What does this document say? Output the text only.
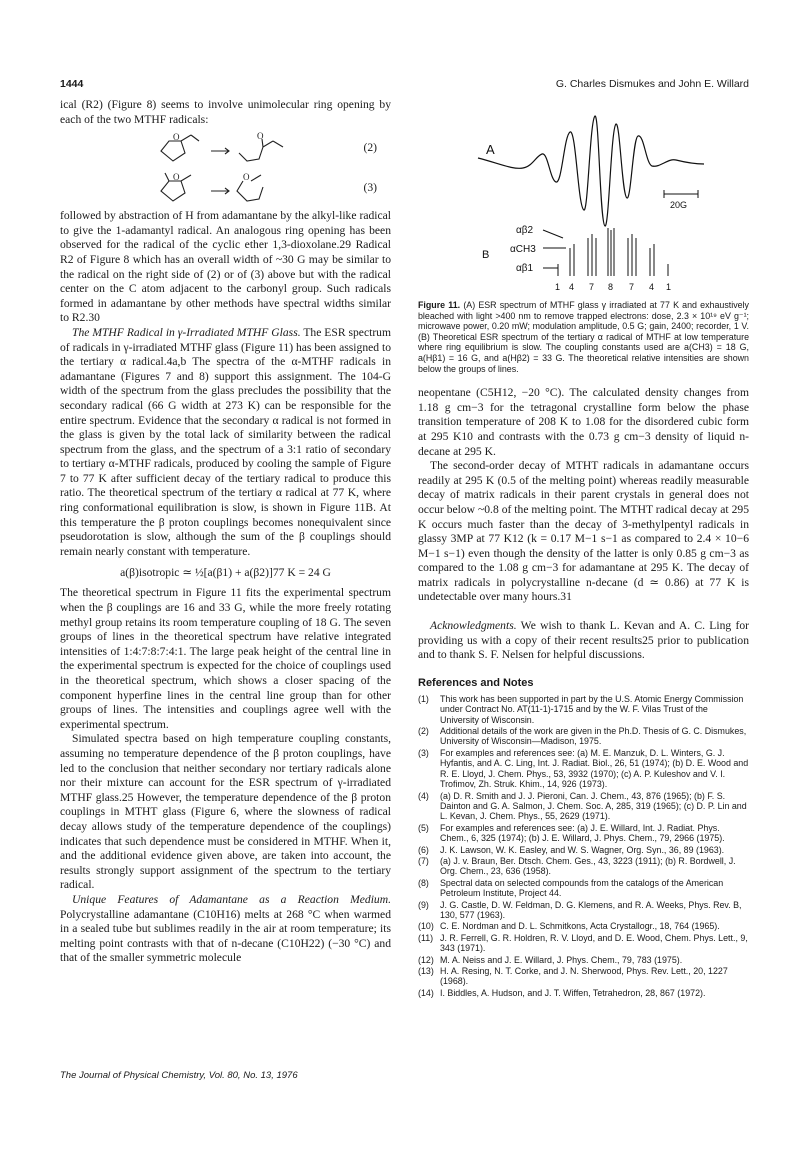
1444	G. Charles Dismukes and John E. Willard

ical (R2) (Figure 8) seems to involve unimolecular ring opening by each of the two MTHF radicals:

O	O
(2)
O	O
(3)

followed by abstraction of H from adamantane by the alkyl-like radical to give the 1-adamantyl radical. An analogous ring opening has been observed for the radical of the cyclic ether 1,3-dioxolane.29 Radical R2 of Figure 8 which has an overall width of ~30 G may be similar to the radical on the right side of (2) or of (3) above but with the radical center on the C atom adjacent to the carbonyl group. Such radicals formed in adamantane by other methods have spectral widths similar to R2.30

The MTHF Radical in γ-Irradiated MTHF Glass. The ESR spectrum of radicals in γ-irradiated MTHF glass (Figure 11) has been assigned to the tertiary α radical.4a,b The spectra of the α-MTHF radicals in adamantane (Figures 7 and 8) support this assignment. The 104-G width of the spectrum from the glass precludes the possibility that the secondary radical (66 G width at 273 K) can be responsible for the entire spectrum. Evidence that the secondary α radical is not formed in the glass is given by the total lack of similarity between the radical spectrum from the glass, and the spectrum of a 3:1 ratio of secondary to tertiary α-MTHF radicals, produced by cooling the sample of Figure 7 to 77 K after sufficient decay of the tertiary radical to produce this ratio. The theoretical spectrum of the tertiary α radical at 77 K, where ring conformational equilibration is slow, is shown in Figure 11B. At this temperature the β proton couplings becomes nonequivalent since pseudorotation is slow, although the sum of the β couplings should remain nearly constant with temperature.

a(β)isotropic ≃ ½[a(β1) + a(β2)]77 K = 24 G

The theoretical spectrum in Figure 11 fits the experimental spectrum when the β couplings are 16 and 33 G, while the more freely rotating methyl group retains its room temperature coupling of 18 G. The seven groups of lines in the theoretical spectrum have relative integrated intensities of 1:4:7:8:7:4:1. The large peak height of the central line in the experimental spectrum is expected for the choice of couplings used in the theoretical spectrum, which shows a closer spacing of the component hyperfine lines in the central line group than for other groups of lines. The intensities and couplings agree well with the experimental spectrum.

Simulated spectra based on high temperature coupling constants, assuming no temperature dependence of the β proton couplings, have led to the conclusion that neither secondary nor tertiary radicals alone nor their mixture can account for the ESR spectrum of γ-irradiated MTHF glass.25 However, the temperature dependence of the β proton couplings in MTHT glass (Figure 6, where the slowness of radical decay allows study of the temperature dependence of the couplings) indicates that such dependence must be considered in MTHF. When it, and the additional evidence given above, are taken into account, the results strongly support assignment of the spectrum to the tertiary radical.

Unique Features of Adamantane as a Reaction Medium. Polycrystalline adamantane (C10H16) melts at 268 °C when warmed in a sealed tube but sublimes readily in the air at room temperature; its melting point contrasts with that of n-decane (C10H22) (−30 °C) and that of the smaller symmetric molecule

A
20G
B
αβ2
αCH3
αβ1
1 4 7 8 7 4 1
Figure 11. (A) ESR spectrum of MTHF glass γ irradiated at 77 K and exhaustively bleached with light >400 nm to remove trapped electrons: dose, 2.3 × 10¹⁹ eV g⁻¹; microwave power, 0.20 mW; modulation amplitude, 0.5 G; gain, 2400; recorder, 1 V. (B) Theoretical ESR spectrum of the tertiary α radical of MTHF at low temperature where ring equilibrium is slow. The coupling constants used are a(CH3) = 18 G, a(Hβ1) = 16 G, and a(Hβ2) = 33 G. The theoretical relative intensities are shown below the groups of lines.

neopentane (C5H12, −20 °C). The calculated density changes from 1.18 g cm−3 for the tetragonal crystalline form below the phase transition temperature of 208 K to 1.08 for the disordered cubic form at 295 K10 and contrasts with the 0.73 g cm−3 density of liquid n-decane at 295 K.

The second-order decay of MTHT radicals in adamantane occurs readily at 295 K (0.5 of the melting point) whereas readily measurable decay of matrix radicals in their parent crystals in general does not occur below ~0.8 of the melting point. The MTHT radical decay at 295 K occurs much faster than the decay of 3-methylpentyl radicals in glassy 3MP at 77 K12 (k = 0.17 M−1 s−1 as compared to 2.4 × 10−6 M−1 s−1) even though the density of the latter is only 0.85 g cm−3 as compared to the 1.08 g cm−3 for adamantane at 295 K. The decay of matrix radicals in polycrystalline n-decane (d ≃ 0.86) at 77 K is undetectable over many hours.31

Acknowledgments. We wish to thank L. Kevan and A. C. Ling for providing us with a copy of their recent results25 prior to publication and to thank S. F. Nelsen for helpful discussions.

References and Notes
(1)	This work has been supported in part by the U.S. Atomic Energy Commission under Contract No. AT(11-1)-1715 and by the W. F. Vilas Trust of the University of Wisconsin.
(2)	Additional details of the work are given in the Ph.D. Thesis of G. C. Dismukes, University of Wisconsin—Madison, 1975.
(3)	For examples and references see: (a) M. E. Manzuk, D. L. Winters, G. J. Hyfantis, and A. C. Ling, Int. J. Radiat. Biol., 26, 51 (1974); (b) D. E. Wood and R. E. Lloyd, J. Chem. Phys., 53, 3932 (1970); (c) A. P. Kuleshov and V. I. Trofimov, Zh. Struk. Khim., 14, 926 (1973).
(4)	(a) D. R. Smith and J. J. Pieroni, Can. J. Chem., 43, 876 (1965); (b) F. S. Dainton and G. A. Salmon, J. Chem. Soc. A, 285, 319 (1965); (c) D. P. Lin and L. Kevan, J. Chem. Phys., 55, 2629 (1971).
(5)	For examples and references see: (a) J. E. Willard, Int. J. Radiat. Phys. Chem., 6, 325 (1974); (b) J. E. Willard, J. Phys. Chem., 79, 2966 (1975).
(6)	J. K. Lawson, W. K. Easley, and W. S. Wagner, Org. Syn., 36, 89 (1963).
(7)	(a) J. v. Braun, Ber. Dtsch. Chem. Ges., 43, 3223 (1911); (b) R. Bordwell, J. Org. Chem., 23, 636 (1958).
(8)	Spectral data on selected compounds from the catalogs of the American Petroleum Institute, Project 44.
(9)	J. G. Castle, D. W. Feldman, D. G. Klemens, and R. A. Weeks, Phys. Rev. B, 130, 577 (1963).
(10) C. E. Nordman and D. L. Schmitkons, Acta Crystallogr., 18, 764 (1965).
(11) J. R. Ferrell, G. R. Holdren, R. V. Lloyd, and D. E. Wood, Chem. Phys. Lett., 9, 343 (1971).
(12) M. A. Neiss and J. E. Willard, J. Phys. Chem., 79, 783 (1975).
(13) H. A. Resing, N. T. Corke, and J. N. Sherwood, Phys. Rev. Lett., 20, 1227 (1968).
(14) I. Biddles, A. Hudson, and J. T. Wiffen, Tetrahedron, 28, 867 (1972).
The Journal of Physical Chemistry, Vol. 80, No. 13, 1976
